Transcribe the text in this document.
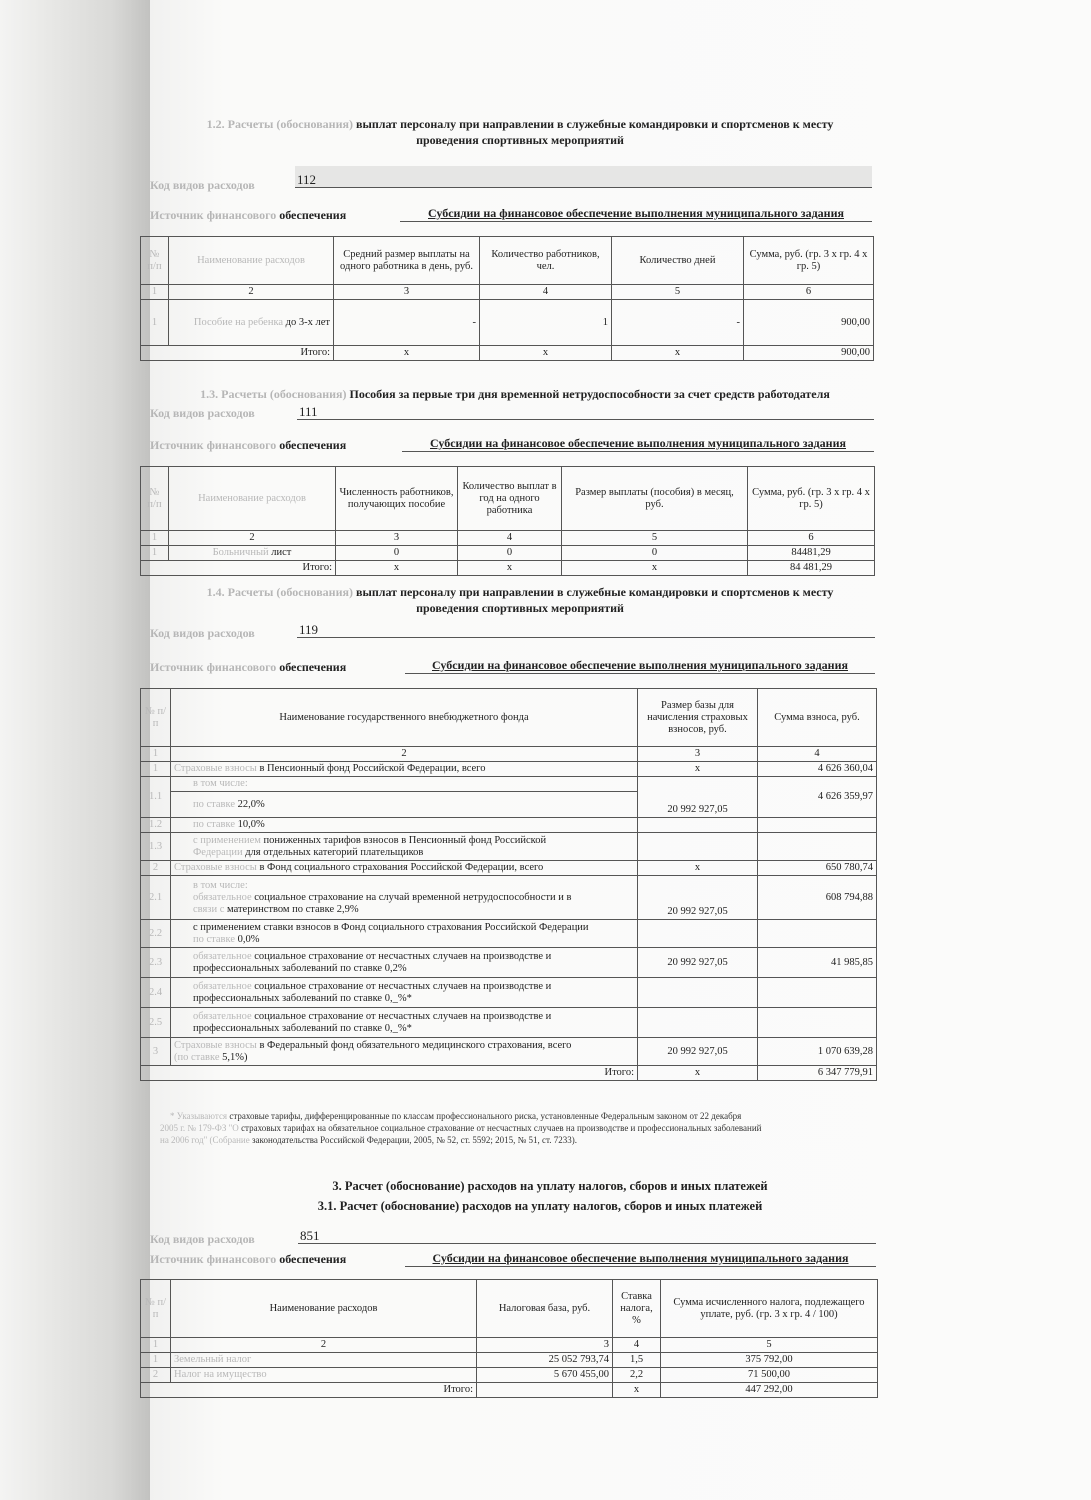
1.2. Расчеты (обоснования) выплат персоналу при направлении в служебные командировки и спортсменов к месту
проведения спортивных мероприятий
Код видов расходов	112
Источник финансового обеспечения	Субсидии на финансовое обеспечение выполнения муниципального задания
№ п/п	Наименование расходов	Средний размер выплаты на одного работника в день, руб.	Количество работников, чел.	Количество дней	Сумма, руб. (гр. 3 х гр. 4 х гр. 5)
1	2	3	4	5	6
1	Пособие на ребенка до 3-х лет	-	1	-	900,00
Итого:		х	х	х	900,00
1.3. Расчеты (обоснования) Пособия за первые три дня временной нетрудоспособности за счет средств работодателя
Код видов расходов	111
Источник финансового обеспечения	Субсидии на финансовое обеспечение выполнения муниципального задания
№ п/п	Наименование расходов	Численность работников, получающих пособие	Количество выплат в год на одного работника	Размер выплаты (пособия) в месяц, руб.	Сумма, руб. (гр. 3 х гр. 4 х гр. 5)
1	2	3	4	5	6
1	Больничный лист	0	0	0	84481,29
Итого:		х	х	х	84 481,29
1.4. Расчеты (обоснования) выплат персоналу при направлении в служебные командировки и спортсменов к месту
проведения спортивных мероприятий
Код видов расходов	119
Источник финансового обеспечения	Субсидии на финансовое обеспечение выполнения муниципального задания
№ п/п	Наименование государственного внебюджетного фонда	Размер базы для начисления страховых взносов, руб.	Сумма взноса, руб.
1	2	3	4
1	Страховые взносы в Пенсионный фонд Российской Федерации, всего	х	4 626 360,04
1.1	в том числе:	20 992 927,05	4 626 359,97
	по ставке 22,0%		
1.2	по ставке 10,0%		
1.3	с применением пониженных тарифов взносов в Пенсионный фонд Российской
Федерации для отдельных категорий плательщиков		

2	Страховые взносы в Фонд социального страхования Российской Федерации, всего	х	650 780,74
2.1	в том числе:
обязательное социальное страхование на случай временной нетрудоспособности и в
связи с материнством по ставке 2,9%	20 992 927,05	608 794,88
2.2	с применением ставки взносов в Фонд социального страхования Российской Федерации
по ставке 0,0%		

2.3	обязательное социальное страхование от несчастных случаев на производстве и
профессиональных заболеваний по ставке 0,2%	20 992 927,05	41 985,85
2.4	обязательное социальное страхование от несчастных случаев на производстве и
профессиональных заболеваний по ставке 0,_%*		

2.5	обязательное социальное страхование от несчастных случаев на производстве и
профессиональных заболеваний по ставке 0,_%*		

3	Страховые взносы в Федеральный фонд обязательного медицинского страхования, всего
(по ставке 5,1%)	20 992 927,05	1 070 639,28
Итого:		х	6 347 779,91
* Указываются страховые тарифы, дифференцированные по классам профессионального риска, установленные Федеральным законом от 22 декабря
2005 г. № 179-ФЗ "О страховых тарифах на обязательное социальное страхование от несчастных случаев на производстве и профессиональных заболеваний
на 2006 год" (Собрание законодательства Российской Федерации, 2005, № 52, ст. 5592; 2015, № 51, ст. 7233).
3. Расчет (обоснование) расходов на уплату налогов, сборов и иных платежей
3.1. Расчет (обоснование) расходов на уплату налогов, сборов и иных платежей
Код видов расходов	851
Источник финансового обеспечения	Субсидии на финансовое обеспечение выполнения муниципального задания
№ п/п	Наименование расходов	Налоговая база, руб.	Ставка налога, %	Сумма исчисленного налога, подлежащего уплате, руб. (гр. 3 х гр. 4 / 100)
1	2	3	4	5
1	Земельный налог	25 052 793,74	1,5	375 792,00
2	Налог на имущество	5 670 455,00	2,2	71 500,00
Итого:			х	447 292,00
